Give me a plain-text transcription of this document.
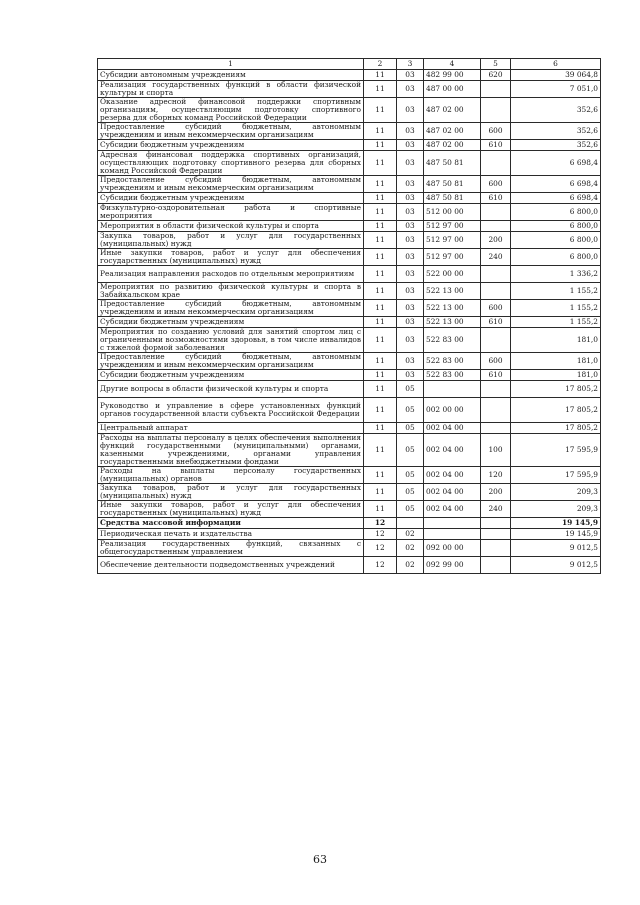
1	2	3	4	5	6
Субсидии автономным учреждениям	11	03	482 99 00	620	39 064,8
Реализация государственных функций в области физической культуры и спорта	11	03	487 00 00		7 051,0
Оказание адресной финансовой поддержки спортивным организациям, осуществляющим подготовку спортивного резерва для сборных команд Российской Федерации	11	03	487 02 00		352,6
Предоставление субсидий бюджетным, автономным учреждениям и иным некоммерческим организациям	11	03	487 02 00	600	352,6
Субсидии бюджетным учреждениям	11	03	487 02 00	610	352,6
Адресная финансовая поддержка спортивных организаций, осуществляющих подготовку спортивного резерва для сборных команд Российской Федерации	11	03	487 50 81		6 698,4
Предоставление субсидий бюджетным, автономным учреждениям и иным некоммерческим организациям	11	03	487 50 81	600	6 698,4
Субсидии бюджетным учреждениям	11	03	487 50 81	610	6 698,4
Физкультурно-оздоровительная работа и спортивные мероприятия	11	03	512 00 00		6 800,0
Мероприятия в области физической культуры и спорта	11	03	512 97 00		6 800,0
Закупка товаров, работ и услуг для государственных (муниципальных) нужд	11	03	512 97 00	200	6 800,0
Иные закупки товаров, работ и услуг для обеспечения государственных (муниципальных) нужд	11	03	512 97 00	240	6 800,0
Реализация направления расходов по отдельным мероприятиям	11	03	522 00 00		1 336,2
Мероприятия по развитию физической культуры и спорта в Забайкальском крае	11	03	522 13 00		1 155,2
Предоставление субсидий бюджетным, автономным учреждениям и иным некоммерческим организациям	11	03	522 13 00	600	1 155,2
Субсидии бюджетным учреждениям	11	03	522 13 00	610	1 155,2
Мероприятия по созданию условий для занятий спортом лиц с ограниченными возможностями здоровья, в том числе инвалидов с тяжелой формой заболевания	11	03	522 83 00		181,0
Предоставление субсидий бюджетным, автономным учреждениям и иным некоммерческим организациям	11	03	522 83 00	600	181,0
Субсидии бюджетным учреждениям	11	03	522 83 00	610	181,0
Другие вопросы в области физической культуры и спорта	11	05			17 805,2
Руководство и управление в сфере установленных функций органов государственной власти субъекта Российской Федерации	11	05	002 00 00		17 805,2
Центральный аппарат	11	05	002 04 00		17 805,2
Расходы на выплаты персоналу в целях обеспечения выполнения функций государственными (муниципальными) органами, казенными учреждениями, органами управления государственными внебюджетными фондами	11	05	002 04 00	100	17 595,9
Расходы на выплаты персоналу государственных (муниципальных) органов	11	05	002 04 00	120	17 595,9
Закупка товаров, работ и услуг для государственных (муниципальных) нужд	11	05	002 04 00	200	209,3
Иные закупки товаров, работ и услуг для обеспечения государственных (муниципальных) нужд	11	05	002 04 00	240	209,3
Средства массовой информации	12				19 145,9
Периодическая печать и издательства	12	02			19 145,9
Реализация государственных функций, связанных с общегосударственным управлением	12	02	092 00 00		9 012,5
Обеспечение деятельности подведомственных учреждений	12	02	092 99 00		9 012,5
63
